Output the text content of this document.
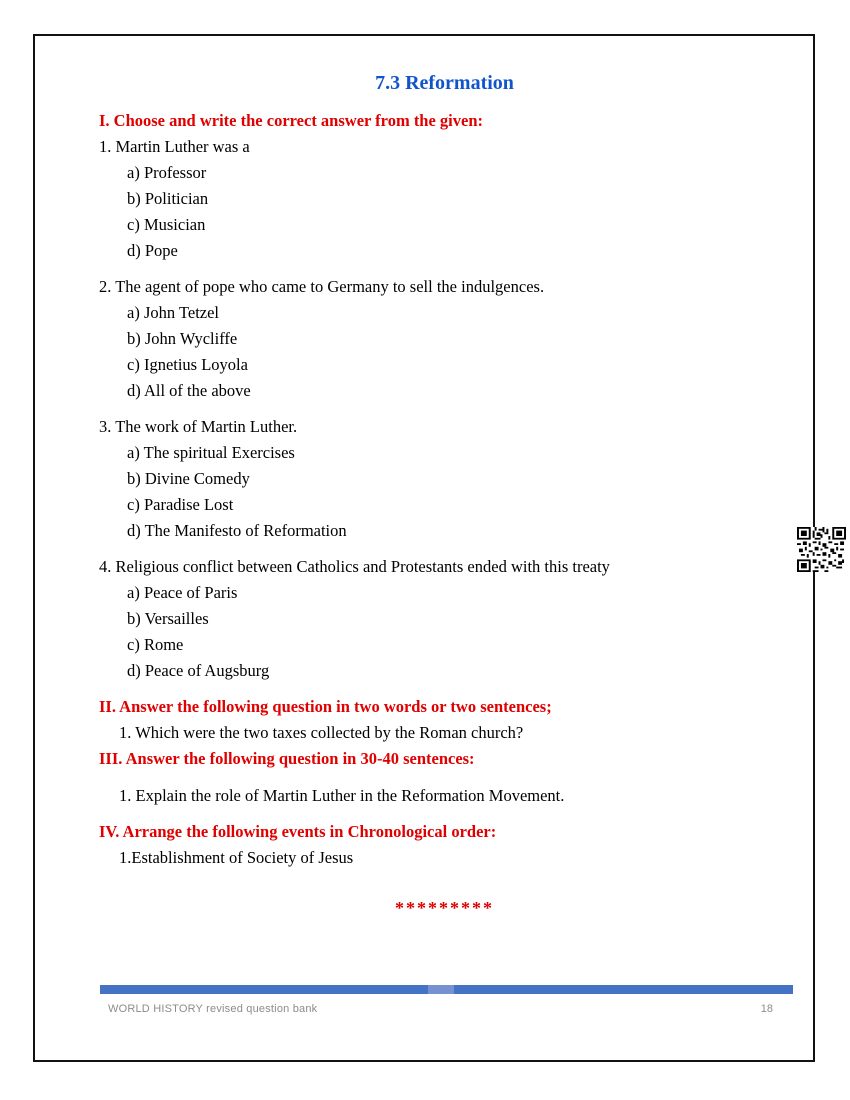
7.3 Reformation
I. Choose and write the correct answer from the given:
1. Martin Luther was a
a) Professor
b) Politician
c) Musician
d) Pope
2. The agent of pope who came to Germany to sell the indulgences.
a) John Tetzel
b) John Wycliffe
c) Ignetius Loyola
d) All of the above
3. The work of Martin Luther.
a) The spiritual Exercises
b) Divine Comedy
c) Paradise Lost
d) The Manifesto of Reformation
4. Religious conflict between Catholics and Protestants ended with this treaty
a) Peace of Paris
b) Versailles
c) Rome
d) Peace of Augsburg
II. Answer the following question in two words or two sentences;
1. Which were the two taxes collected by the Roman church?
III. Answer the following question in 30-40 sentences:
1. Explain the role of Martin Luther in the Reformation Movement.
IV. Arrange the following events in Chronological order:
1.Establishment of Society of Jesus
*********
WORLD HISTORY revised question bank	18
